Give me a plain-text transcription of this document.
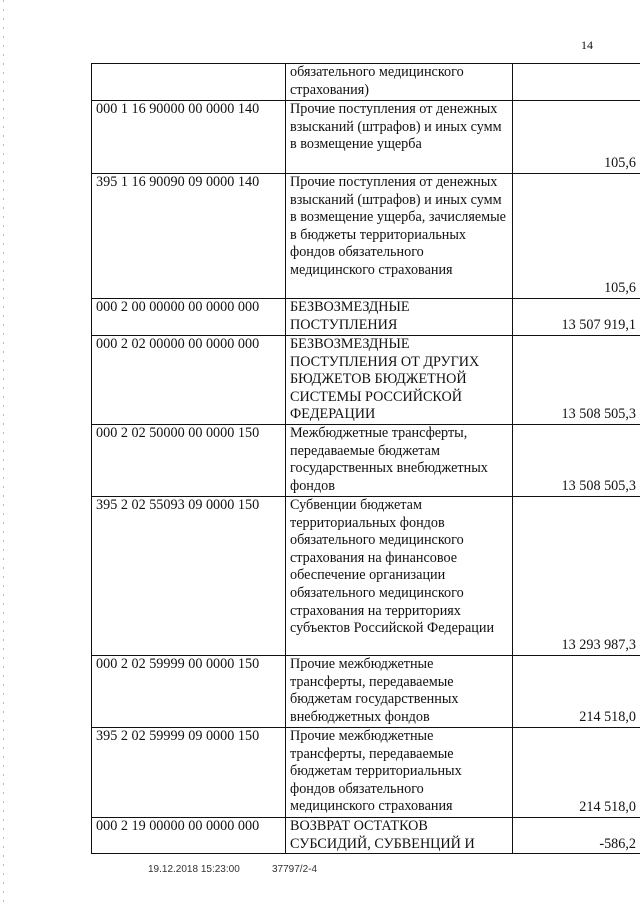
14
	обязательного медицинского страхования)	
000 1 16 90000 00 0000 140	Прочие поступления от денежных взысканий (штрафов) и иных сумм в возмещение ущерба	105,6
395 1 16 90090 09 0000 140	Прочие поступления от денежных взысканий (штрафов) и иных сумм в возмещение ущерба, зачисляемые в бюджеты территориальных фондов обязательного медицинского страхования	105,6
000 2 00 00000 00 0000 000	БЕЗВОЗМЕЗДНЫЕ ПОСТУПЛЕНИЯ	13 507 919,1
000 2 02 00000 00 0000 000	БЕЗВОЗМЕЗДНЫЕ ПОСТУПЛЕНИЯ ОТ ДРУГИХ БЮДЖЕТОВ БЮДЖЕТНОЙ СИСТЕМЫ РОССИЙСКОЙ ФЕДЕРАЦИИ	13 508 505,3
000 2 02 50000 00 0000 150	Межбюджетные трансферты, передаваемые бюджетам государственных внебюджетных фондов	13 508 505,3
395 2 02 55093 09 0000 150	Субвенции бюджетам территориальных фондов обязательного медицинского страхования на финансовое обеспечение организации обязательного медицинского страхования на территориях субъектов Российской Федерации	13 293 987,3
000 2 02 59999 00 0000 150	Прочие межбюджетные трансферты, передаваемые бюджетам государственных внебюджетных фондов	214 518,0
395 2 02 59999 09 0000 150	Прочие межбюджетные трансферты, передаваемые бюджетам территориальных фондов обязательного медицинского страхования	214 518,0
000 2 19 00000 00 0000 000	ВОЗВРАТ ОСТАТКОВ СУБСИДИЙ, СУБВЕНЦИЙ И	-586,2
19.12.2018 15:23:00	37797/2-4
